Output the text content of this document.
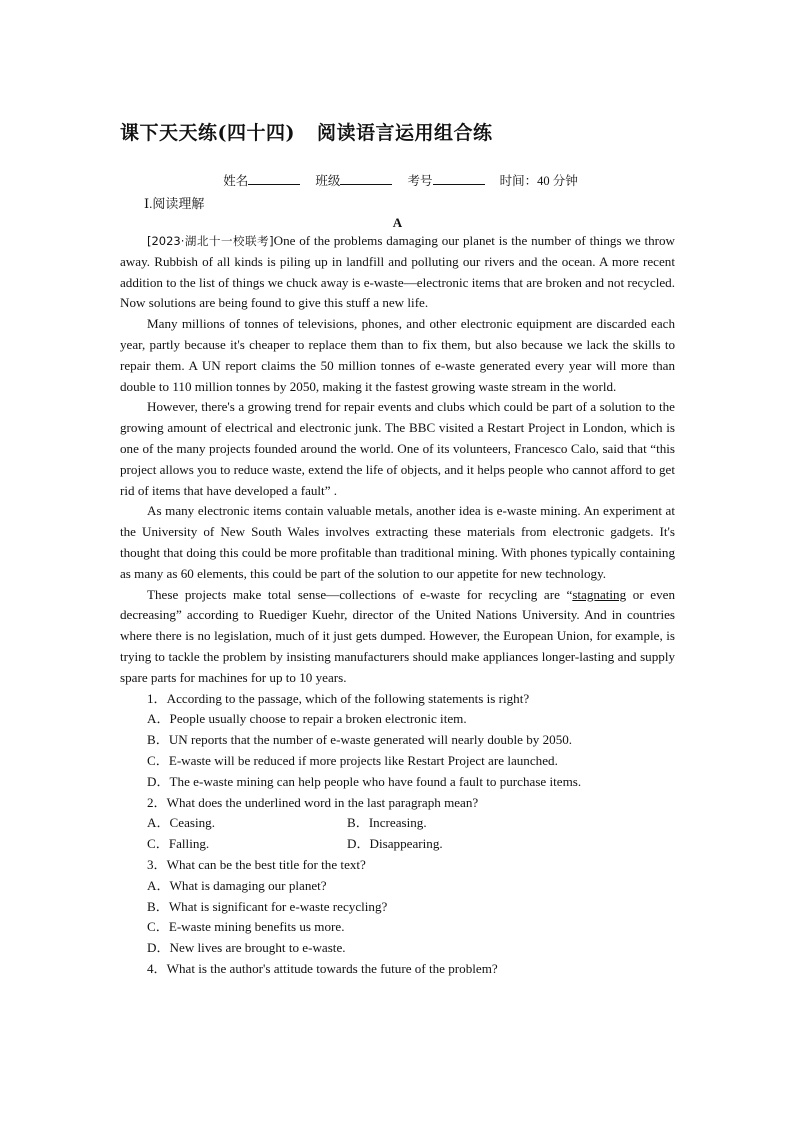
课下天天练(四十四) 阅读语言运用组合练
姓名	班级	考号	时间：40 分钟
Ⅰ.阅读理解
A

[2023·湖北十一校联考]One of the problems damaging our planet is the number of things we throw away. Rubbish of all kinds is piling up in landfill and polluting our rivers and the ocean. A more recent addition to the list of things we chuck away is e-waste—electronic items that are broken and not recycled. Now solutions are being found to give this stuff a new life.

Many millions of tonnes of televisions, phones, and other electronic equipment are discarded each year, partly because it's cheaper to replace them than to fix them, but also because we lack the skills to repair them. A UN report claims the 50 million tonnes of e-waste generated every year will more than double to 110 million tonnes by 2050, making it the fastest growing waste stream in the world.

However, there's a growing trend for repair events and clubs which could be part of a solution to the growing amount of electrical and electronic junk. The BBC visited a Restart Project in London, which is one of the many projects founded around the world. One of its volunteers, Francesco Calo, said that “this project allows you to reduce waste, extend the life of objects, and it helps people who cannot afford to get rid of items that have developed a fault” .

As many electronic items contain valuable metals, another idea is e-waste mining. An experiment at the University of New South Wales involves extracting these materials from electronic gadgets. It's thought that doing this could be more profitable than traditional mining. With phones typically containing as many as 60 elements, this could be part of the solution to our appetite for new technology.

These projects make total sense—collections of e-waste for recycling are “stagnating or even decreasing” according to Ruediger Kuehr, director of the United Nations University. And in countries where there is no legislation, much of it just gets dumped. However, the European Union, for example, is trying to tackle the problem by insisting manufacturers should make appliances longer-lasting and supply spare parts for machines for up to 10 years.

1．According to the passage, which of the following statements is right?
A．People usually choose to repair a broken electronic item.
B．UN reports that the number of e-waste generated will nearly double by 2050.
C．E-waste will be reduced if more projects like Restart Project are launched.
D．The e-waste mining can help people who have found a fault to purchase items.
2．What does the underlined word in the last paragraph mean?
A．Ceasing.	B．Increasing.
C．Falling.	D．Disappearing.
3．What can be the best title for the text?
A．What is damaging our planet?
B．What is significant for e-waste recycling?
C．E-waste mining benefits us more.
D．New lives are brought to e-waste.
4．What is the author's attitude towards the future of the problem?
